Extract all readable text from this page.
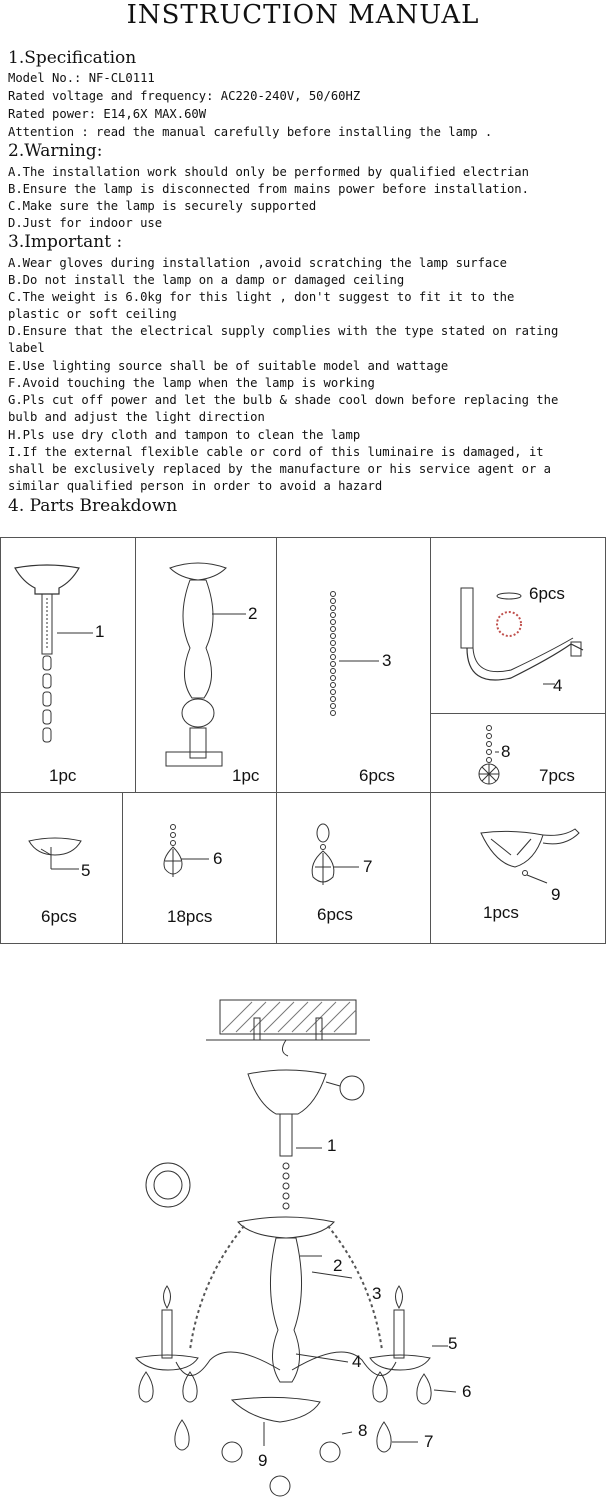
INSTRUCTION MANUAL
1.Specification
Model No.: NF-CL0111
Rated voltage and frequency: AC220-240V, 50/60HZ
Rated power: E14,6X MAX.60W
Attention : read the manual carefully before installing the lamp .
2.Warning:
A.The installation work should only be performed by qualified electrian
B.Ensure the lamp is disconnected from mains power before installation.
C.Make sure the lamp is securely supported
D.Just for indoor use
3.Important :
A.Wear gloves during installation ,avoid scratching the lamp surface
B.Do not install the lamp on a damp or damaged ceiling
C.The weight is 6.0kg for this light , don't suggest to fit it to the
plastic or soft ceiling
D.Ensure that the electrical supply complies with the type stated on rating
label
E.Use lighting source shall be of suitable model and wattage
F.Avoid touching the lamp when the lamp is working
G.Pls cut off power and let the bulb & shade cool down before replacing the
bulb and adjust the light direction
H.Pls use dry cloth and tampon to clean the lamp
I.If the external flexible cable or cord of this luminaire is damaged, it
shall be exclusively replaced by the manufacture or his service agent or a
similar qualified person in order to avoid a hazard
4. Parts Breakdown
1
1pc
2
1pc
3
6pcs
4
6pcs
8
7pcs
5
6pcs
6
18pcs
7
6pcs
9
1pcs
1
2
3
4
5
6
7
8
9
